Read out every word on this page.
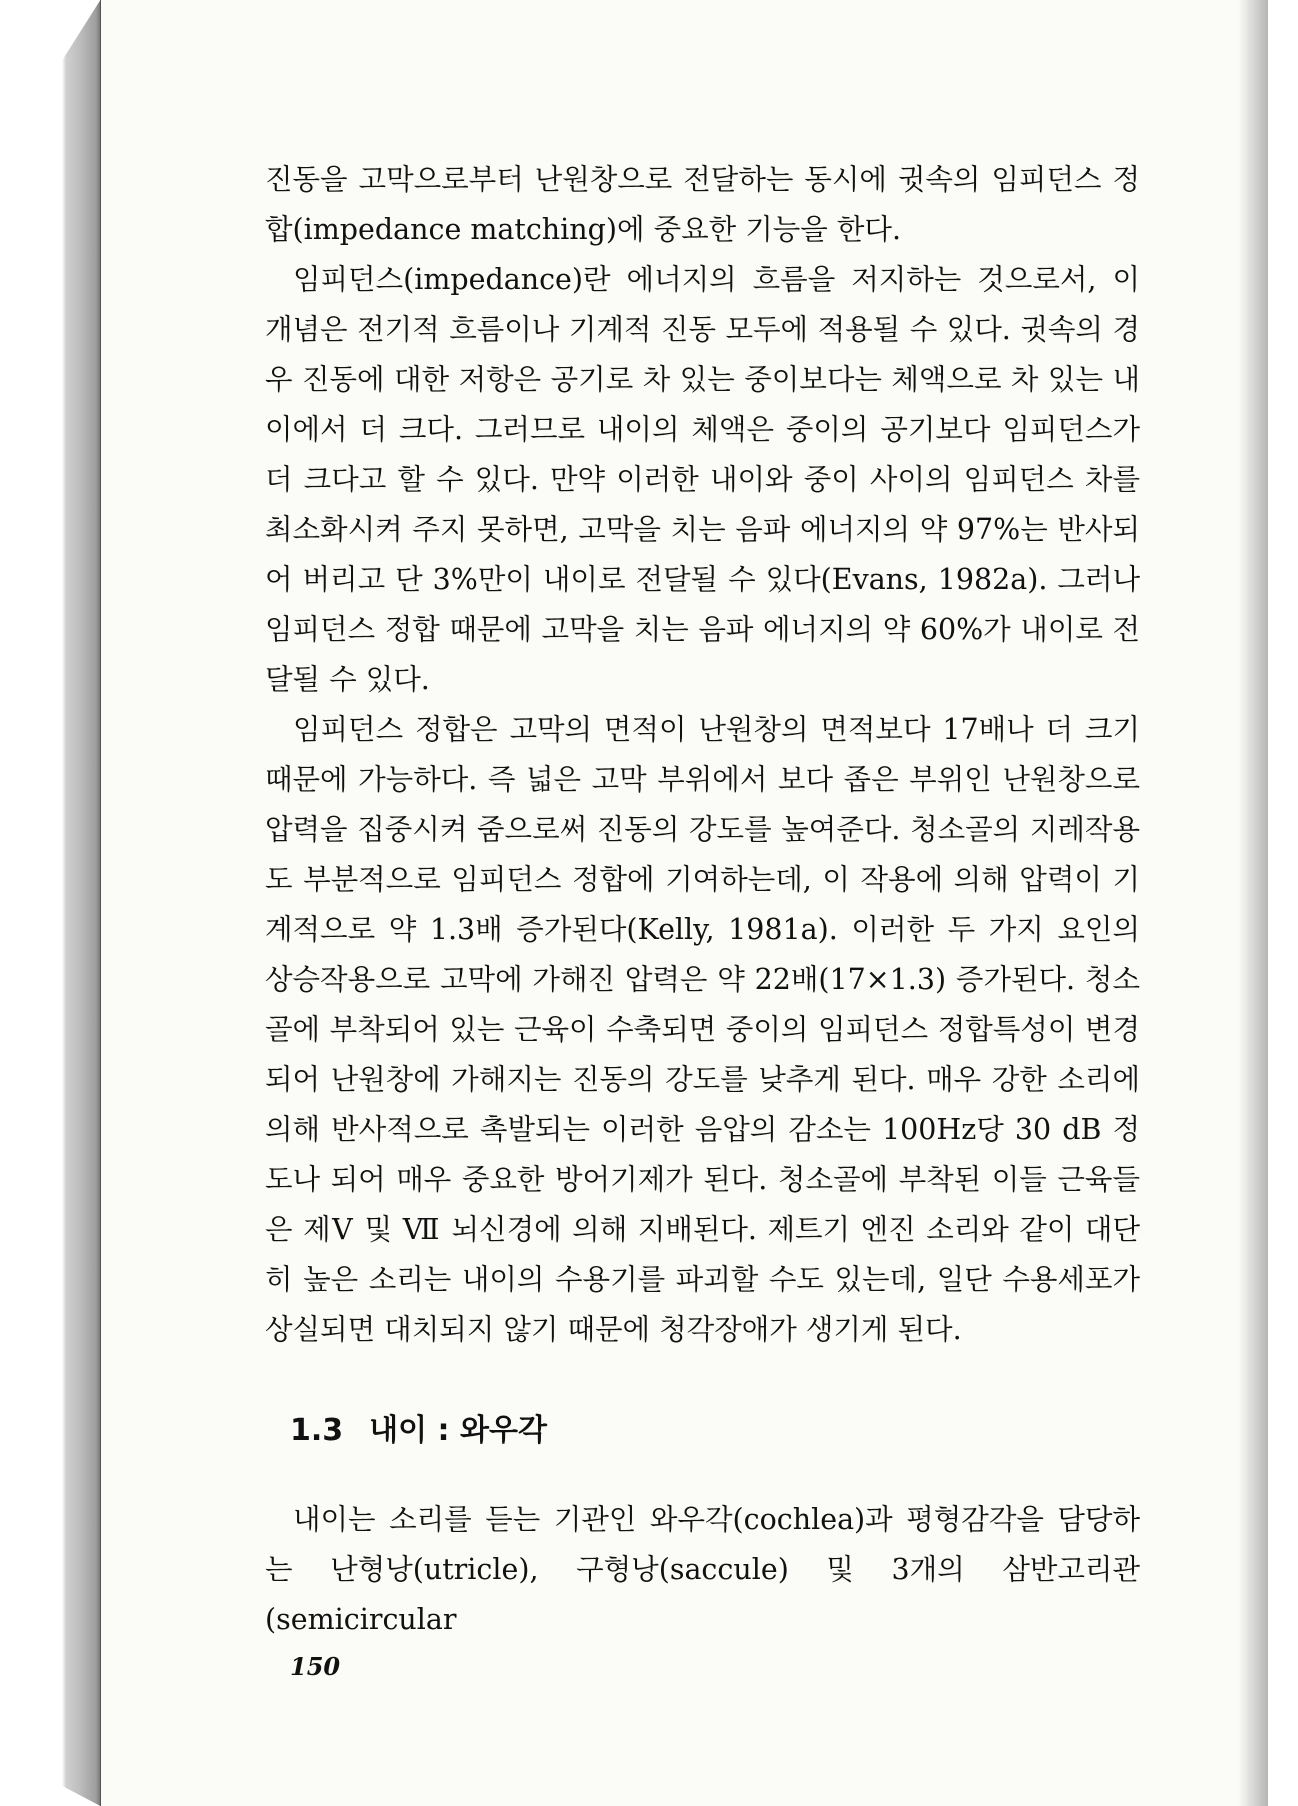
진동을 고막으로부터 난원창으로 전달하는 동시에 귓속의 임피던스 정합(impedance matching)에 중요한 기능을 한다.

임피던스(impedance)란 에너지의 흐름을 저지하는 것으로서, 이 개념은 전기적 흐름이나 기계적 진동 모두에 적용될 수 있다. 귓속의 경우 진동에 대한 저항은 공기로 차 있는 중이보다는 체액으로 차 있는 내이에서 더 크다. 그러므로 내이의 체액은 중이의 공기보다 임피던스가 더 크다고 할 수 있다. 만약 이러한 내이와 중이 사이의 임피던스 차를 최소화시켜 주지 못하면, 고막을 치는 음파 에너지의 약 97%는 반사되어 버리고 단 3%만이 내이로 전달될 수 있다(Evans, 1982a). 그러나 임피던스 정합 때문에 고막을 치는 음파 에너지의 약 60%가 내이로 전달될 수 있다.

임피던스 정합은 고막의 면적이 난원창의 면적보다 17배나 더 크기 때문에 가능하다. 즉 넓은 고막 부위에서 보다 좁은 부위인 난원창으로 압력을 집중시켜 줌으로써 진동의 강도를 높여준다. 청소골의 지레작용도 부분적으로 임피던스 정합에 기여하는데, 이 작용에 의해 압력이 기계적으로 약 1.3배 증가된다(Kelly, 1981a). 이러한 두 가지 요인의 상승작용으로 고막에 가해진 압력은 약 22배(17×1.3) 증가된다. 청소골에 부착되어 있는 근육이 수축되면 중이의 임피던스 정합특성이 변경되어 난원창에 가해지는 진동의 강도를 낮추게 된다. 매우 강한 소리에 의해 반사적으로 촉발되는 이러한 음압의 감소는 100Hz당 30 dB 정도나 되어 매우 중요한 방어기제가 된다. 청소골에 부착된 이들 근육들은 제Ⅴ 및 Ⅶ 뇌신경에 의해 지배된다. 제트기 엔진 소리와 같이 대단히 높은 소리는 내이의 수용기를 파괴할 수도 있는데, 일단 수용세포가 상실되면 대치되지 않기 때문에 청각장애가 생기게 된다.

1.3 내이 : 와우각

내이는 소리를 듣는 기관인 와우각(cochlea)과 평형감각을 담당하는 난형낭(utricle), 구형낭(saccule) 및 3개의 삼반고리관(semicircular

150
